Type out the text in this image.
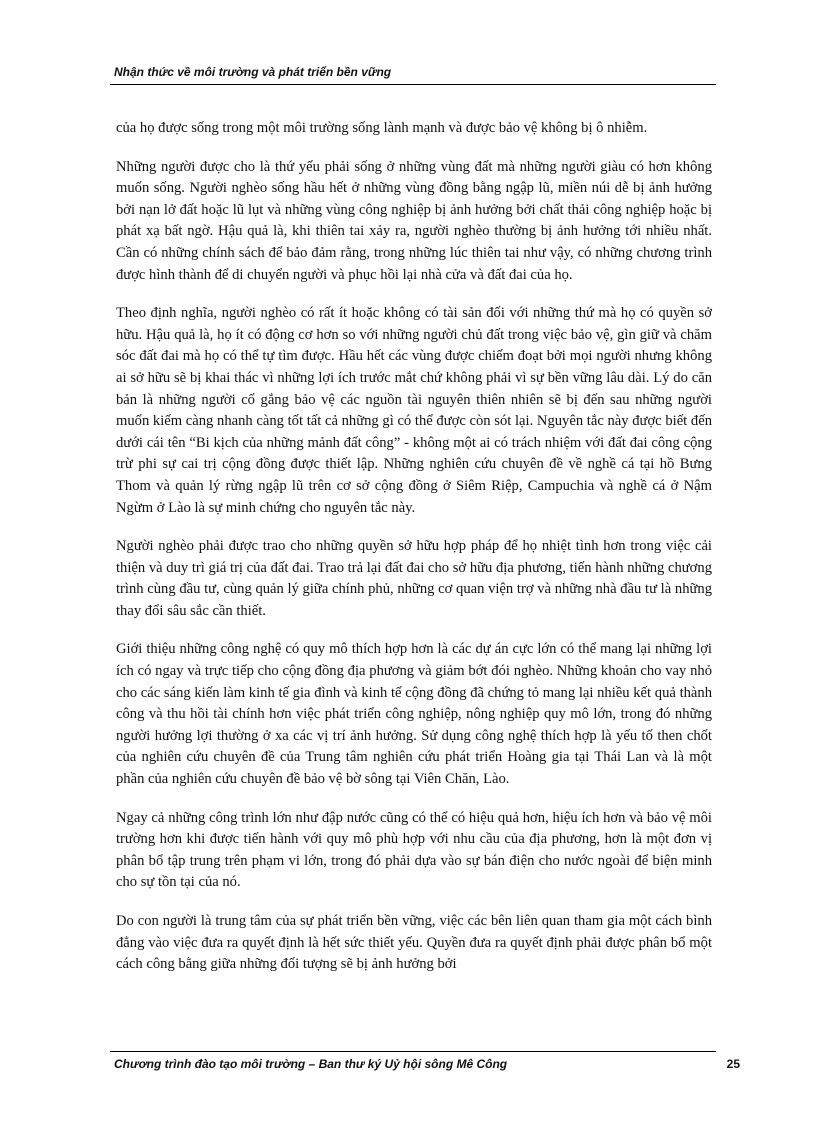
Nhận thức về môi trường và phát triển bền vững

của họ được sống trong một môi trường sống lành mạnh và được bảo vệ không bị ô nhiễm.

Những người được cho là thứ yếu phải sống ở những vùng đất mà những người giàu có hơn không muốn sống. Người nghèo sống hầu hết ở những vùng đồng bằng ngập lũ, miền núi dễ bị ảnh hưởng bởi nạn lở đất hoặc lũ lụt và những vùng công nghiệp bị ảnh hưởng bởi chất thải công nghiệp hoặc bị phát xạ bất ngờ. Hậu quả là, khi thiên tai xảy ra, người nghèo thường bị ảnh hưởng tới nhiều nhất. Cần có những chính sách để bảo đảm rằng, trong những lúc thiên tai như vậy, có những chương trình được hình thành để di chuyển người và phục hồi lại nhà cửa và đất đai của họ.

Theo định nghĩa, người nghèo có rất ít hoặc không có tài sản đối với những thứ mà họ có quyền sở hữu. Hậu quả là, họ ít có động cơ hơn so với những người chủ đất trong việc bảo vệ, gìn giữ và chăm sóc đất đai mà họ có thể tự tìm được. Hầu hết các vùng được chiếm đoạt bởi mọi người nhưng không ai sở hữu sẽ bị khai thác vì những lợi ích trước mắt chứ không phải vì sự bền vững lâu dài. Lý do căn bản là những người cố gắng bảo vệ các nguồn tài nguyên thiên nhiên sẽ bị đến sau những người muốn kiếm càng nhanh càng tốt tất cả những gì có thể được còn sót lại. Nguyên tắc này được biết đến dưới cái tên “Bi kịch của những mảnh đất công” - không một ai có trách nhiệm với đất đai công cộng trừ phi sự cai trị cộng đồng được thiết lập. Những nghiên cứu chuyên đề về nghề cá tại hồ Bưng Thom và quản lý rừng ngập lũ trên cơ sở cộng đồng ở Siêm Riệp, Campuchia và nghề cá ở Nậm Ngừm ở Lào là sự minh chứng cho nguyên tắc này.

Người nghèo phải được trao cho những quyền sở hữu hợp pháp để họ nhiệt tình hơn trong việc cải thiện và duy trì giá trị của đất đai. Trao trả lại đất đai cho sở hữu địa phương, tiến hành những chương trình cùng đầu tư, cùng quản lý giữa chính phủ, những cơ quan viện trợ và những nhà đầu tư là những thay đổi sâu sắc cần thiết.

Giới thiệu những công nghệ có quy mô thích hợp hơn là các dự án cực lớn có thể mang lại những lợi ích có ngay và trực tiếp cho cộng đồng địa phương và giảm bớt đói nghèo. Những khoản cho vay nhỏ cho các sáng kiến làm kinh tế gia đình và kinh tế cộng đồng đã chứng tỏ mang lại nhiều kết quả thành công và thu hồi tài chính hơn việc phát triển công nghiệp, nông nghiệp quy mô lớn, trong đó những người hưởng lợi thường ở xa các vị trí ảnh hưởng. Sử dụng công nghệ thích hợp là yếu tố then chốt của nghiên cứu chuyên đề của Trung tâm nghiên cứu phát triển Hoàng gia tại Thái Lan và là một phần của nghiên cứu chuyên đề bảo vệ bờ sông tại Viên Chăn, Lào.

Ngay cả những công trình lớn như đập nước cũng có thể có hiệu quả hơn, hiệu ích hơn và bảo vệ môi trường hơn khi được tiến hành với quy mô phù hợp với nhu cầu của địa phương, hơn là một đơn vị phân bổ tập trung trên phạm vi lớn, trong đó phải dựa vào sự bán điện cho nước ngoài để biện minh cho sự tồn tại của nó.

Do con người là trung tâm của sự phát triển bền vững, việc các bên liên quan tham gia một cách bình đẳng vào việc đưa ra quyết định là hết sức thiết yếu. Quyền đưa ra quyết định phải được phân bổ một cách công bằng giữa những đối tượng sẽ bị ảnh hưởng bởi

Chương trình đào tạo môi trường – Ban thư ký Uỷ hội sông Mê Công	25
